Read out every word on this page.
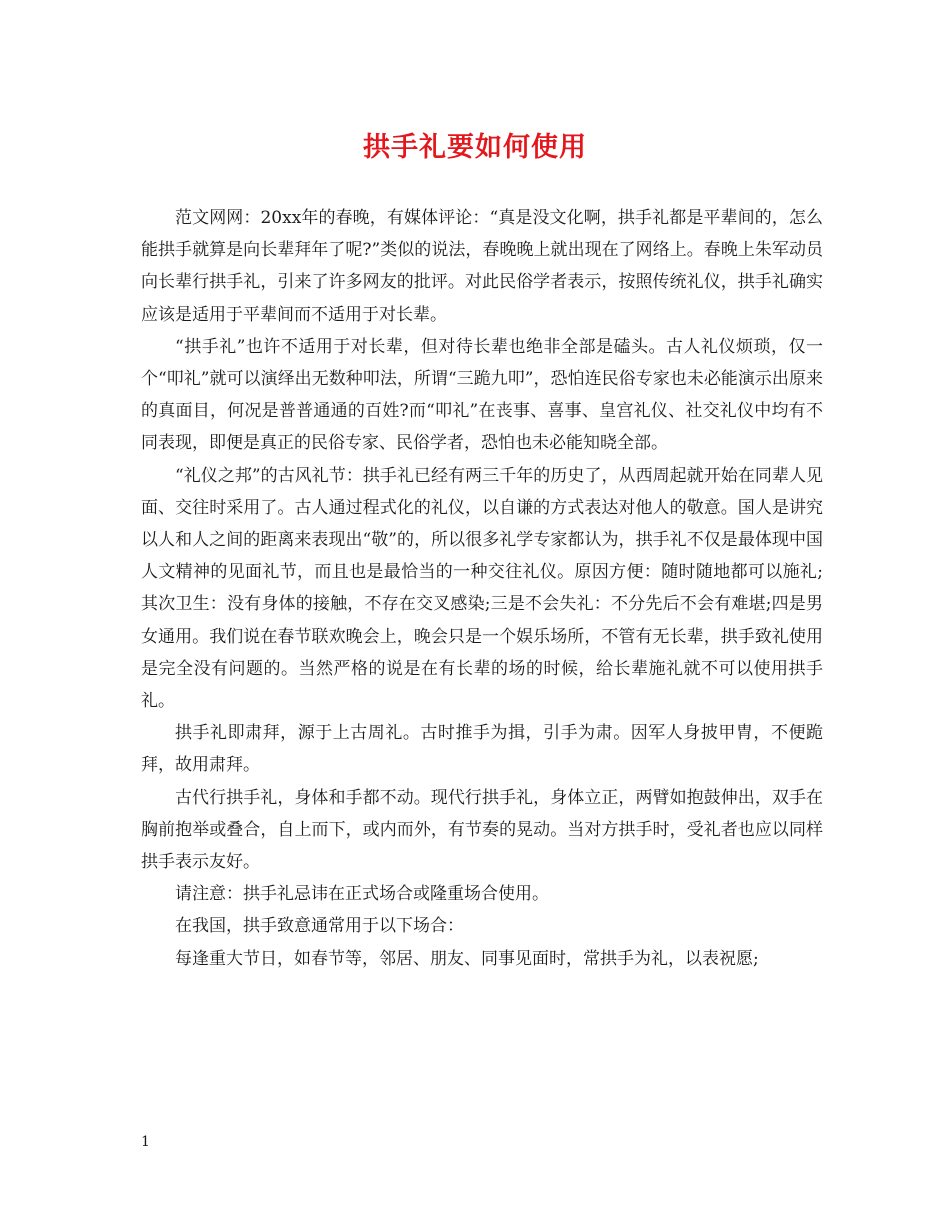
拱手礼要如何使用

范文网网：20xx年的春晚，有媒体评论：“真是没文化啊，拱手礼都是平辈间的，怎么能拱手就算是向长辈拜年了呢?”类似的说法，春晚晚上就出现在了网络上。春晚上朱军动员向长辈行拱手礼，引来了许多网友的批评。对此民俗学者表示，按照传统礼仪，拱手礼确实应该是适用于平辈间而不适用于对长辈。

“拱手礼”也许不适用于对长辈，但对待长辈也绝非全部是磕头。古人礼仪烦琐，仅一个“叩礼”就可以演绎出无数种叩法，所谓“三跪九叩”，恐怕连民俗专家也未必能演示出原来的真面目，何况是普普通通的百姓?而“叩礼”在丧事、喜事、皇宫礼仪、社交礼仪中均有不同表现，即便是真正的民俗专家、民俗学者，恐怕也未必能知晓全部。

“礼仪之邦”的古风礼节：拱手礼已经有两三千年的历史了，从西周起就开始在同辈人见面、交往时采用了。古人通过程式化的礼仪，以自谦的方式表达对他人的敬意。国人是讲究以人和人之间的距离来表现出“敬”的，所以很多礼学专家都认为，拱手礼不仅是最体现中国人文精神的见面礼节，而且也是最恰当的一种交往礼仪。原因方便：随时随地都可以施礼;其次卫生：没有身体的接触，不存在交叉感染;三是不会失礼：不分先后不会有难堪;四是男女通用。我们说在春节联欢晚会上，晚会只是一个娱乐场所，不管有无长辈，拱手致礼使用是完全没有问题的。当然严格的说是在有长辈的场的时候，给长辈施礼就不可以使用拱手礼。

拱手礼即肃拜，源于上古周礼。古时推手为揖，引手为肃。因军人身披甲胄，不便跪拜，故用肃拜。

古代行拱手礼，身体和手都不动。现代行拱手礼，身体立正，两臂如抱鼓伸出，双手在胸前抱举或叠合，自上而下，或内而外，有节奏的晃动。当对方拱手时，受礼者也应以同样拱手表示友好。

请注意：拱手礼忌讳在正式场合或隆重场合使用。

在我国，拱手致意通常用于以下场合：

每逢重大节日，如春节等，邻居、朋友、同事见面时，常拱手为礼，以表祝愿;

1
